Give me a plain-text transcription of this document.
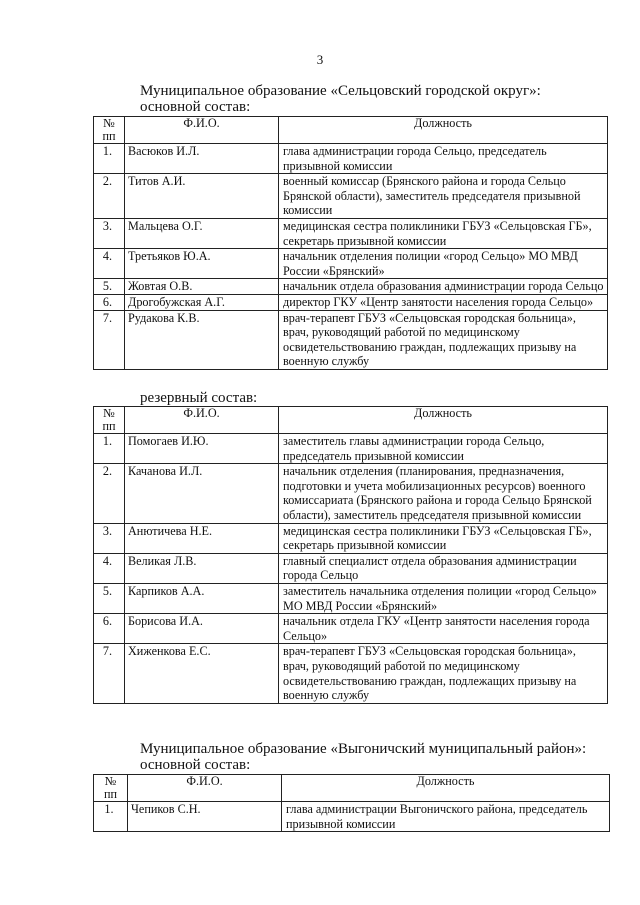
3
Муниципальное образование «Сельцовский городской округ»:
основной состав:
№ пп	Ф.И.О.	Должность
1.	Васюков И.Л.	глава администрации города Сельцо, председатель призывной комиссии
2.	Титов А.И.	военный комиссар (Брянского района и города Сельцо Брянской области), заместитель председателя призывной комиссии
3.	Мальцева О.Г.	медицинская сестра поликлиники ГБУЗ «Сельцовская ГБ», секретарь призывной комиссии
4.	Третьяков Ю.А.	начальник отделения полиции «город Сельцо» МО МВД России «Брянский»
5.	Жовтая О.В.	начальник отдела образования администрации города Сельцо
6.	Дрогобужская А.Г.	директор ГКУ «Центр занятости населения города Сельцо»
7.	Рудакова К.В.	врач-терапевт ГБУЗ «Сельцовская городская больница», врач, руководящий работой по медицинскому освидетельствованию граждан, подлежащих призыву на военную службу
резервный состав:
№ пп	Ф.И.О.	Должность
1.	Помогаев И.Ю.	заместитель главы администрации города Сельцо, председатель призывной комиссии
2.	Качанова И.Л.	начальник отделения (планирования, предназначения, подготовки и учета мобилизационных ресурсов) военного комиссариата (Брянского района и города Сельцо Брянской области), заместитель председателя призывной комиссии
3.	Анютичева Н.Е.	медицинская сестра поликлиники ГБУЗ «Сельцовская ГБ», секретарь призывной комиссии
4.	Великая Л.В.	главный специалист отдела образования администрации города Сельцо
5.	Карпиков А.А.	заместитель начальника отделения полиции «город Сельцо» МО МВД России «Брянский»
6.	Борисова И.А.	начальник отдела ГКУ «Центр занятости населения города Сельцо»
7.	Хиженкова Е.С.	врач-терапевт ГБУЗ «Сельцовская городская больница», врач, руководящий работой по медицинскому освидетельствованию граждан, подлежащих призыву на военную службу
Муниципальное образование «Выгоничский муниципальный район»:
основной состав:
№ пп	Ф.И.О.	Должность
1.	Чепиков С.Н.	глава администрации Выгоничского района, председатель призывной комиссии
